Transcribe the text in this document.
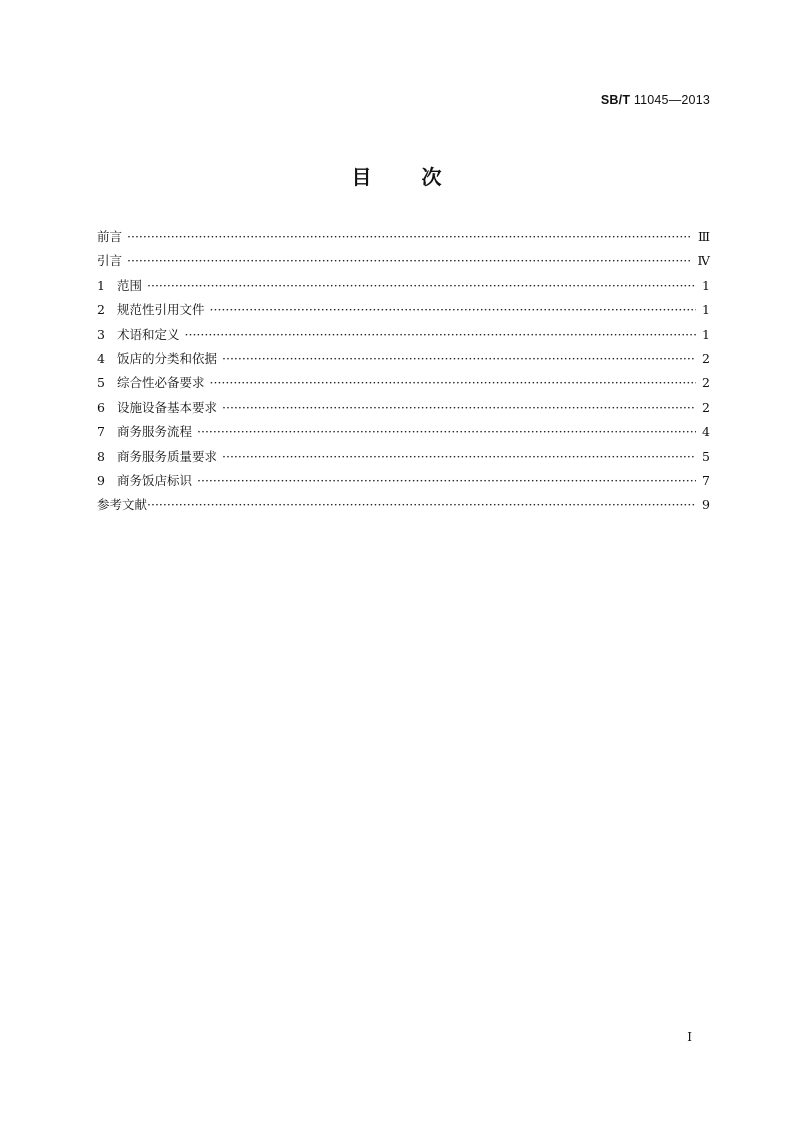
SB/T 11045—2013
目	次
前言 ·····	Ⅲ
引言 ·····	Ⅳ
1 范围 ·····	1
2 规范性引用文件 ·····	1
3 术语和定义 ·····	1
4 饭店的分类和依据 ·····	2
5 综合性必备要求 ·····	2
6 设施设备基本要求 ·····	2
7 商务服务流程 ·····	4
8 商务服务质量要求 ·····	5
9 商务饭店标识 ·····	7
参考文献 ·····	9
I
